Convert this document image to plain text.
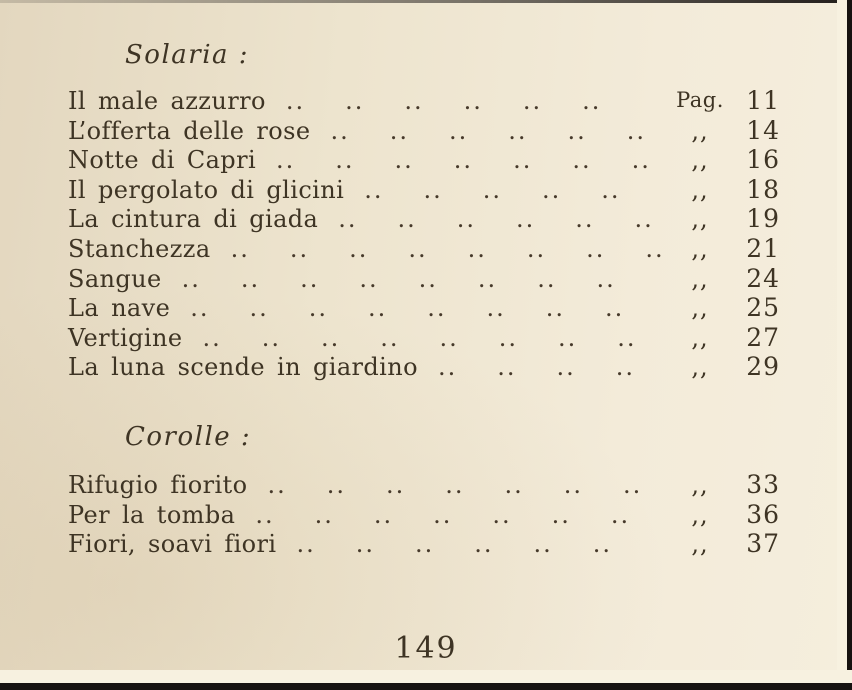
Solaria :
Il male azzurro ..  ..  ..  ..  ..  ..	Pag. 11
L’offerta delle rose ..  ..  ..  ..  ..  ..	,,	14
Notte di Capri ..  ..  ..  ..  ..  ..  ..	,,	16
Il pergolato di glicini ..  ..  ..  ..  ..	,,	18
La cintura di giada ..  ..  ..  ..  ..  ..	,,	19
Stanchezza ..  ..  ..  ..  ..  ..  ..  ..	,,	21
Sangue ..  ..  ..  ..  ..  ..  ..  ..	,,	24
La nave ..  ..  ..  ..  ..  ..  ..  ..	,,	25
Vertigine ..  ..  ..  ..  ..  ..  ..  ..	,,	27
La luna scende in giardino ..  ..  ..  ..	,,	29
Corolle :
Rifugio fiorito ..  ..  ..  ..  ..  ..  ..	,,	33
Per la tomba ..  ..  ..  ..  ..  ..  ..	,,	36
Fiori, soavi fiori ..  ..  ..  ..  ..  ..	,,	37
149
